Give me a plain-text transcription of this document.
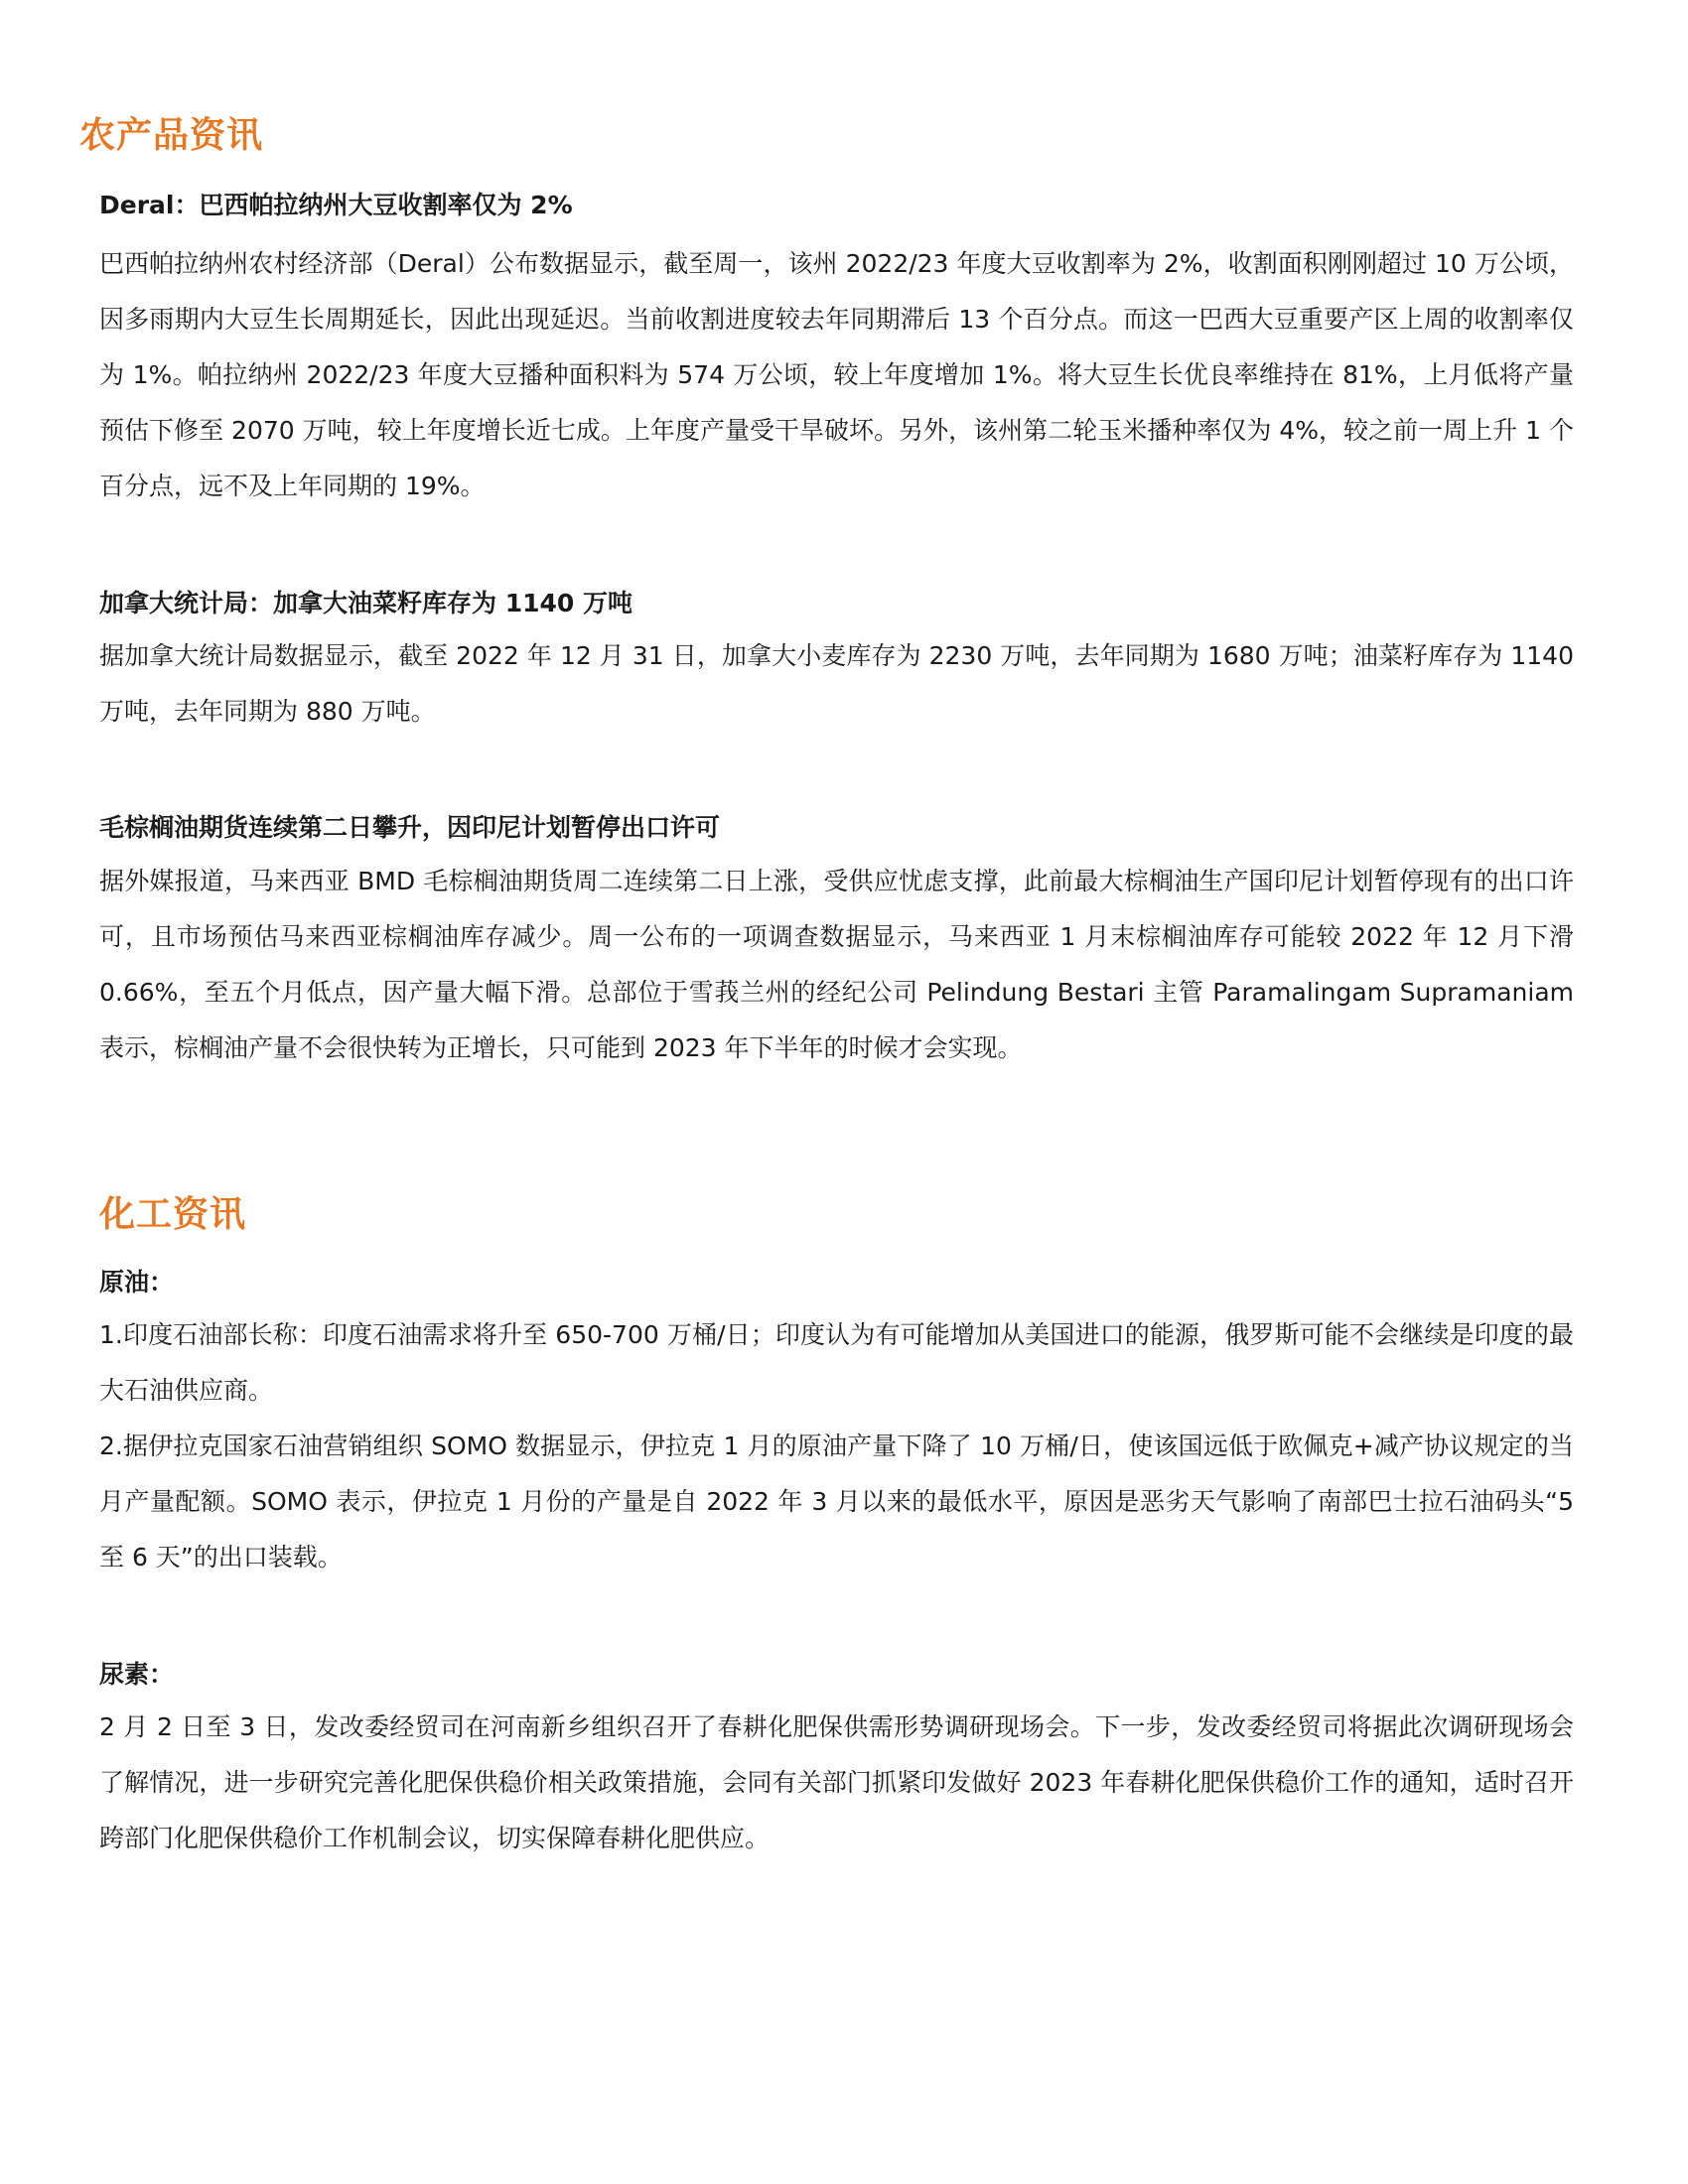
农产品资讯
Deral：巴西帕拉纳州大豆收割率仅为 2%

巴西帕拉纳州农村经济部（Deral）公布数据显示，截至周一，该州 2022/23 年度大豆收割率为 2%，收割面积刚刚超过 10 万公顷，因多雨期内大豆生长周期延长，因此出现延迟。当前收割进度较去年同期滞后 13 个百分点。而这一巴西大豆重要产区上周的收割率仅为 1%。帕拉纳州 2022/23 年度大豆播种面积料为 574 万公顷，较上年度增加 1%。将大豆生长优良率维持在 81%，上月低将产量预估下修至 2070 万吨，较上年度增长近七成。上年度产量受干旱破坏。另外，该州第二轮玉米播种率仅为 4%，较之前一周上升 1 个百分点，远不及上年同期的 19%。

加拿大统计局：加拿大油菜籽库存为 1140 万吨

据加拿大统计局数据显示，截至 2022 年 12 月 31 日，加拿大小麦库存为 2230 万吨，去年同期为 1680 万吨；油菜籽库存为 1140 万吨，去年同期为 880 万吨。

毛棕榈油期货连续第二日攀升，因印尼计划暂停出口许可

据外媒报道，马来西亚 BMD 毛棕榈油期货周二连续第二日上涨，受供应忧虑支撑，此前最大棕榈油生产国印尼计划暂停现有的出口许可，且市场预估马来西亚棕榈油库存减少。周一公布的一项调查数据显示，马来西亚 1 月末棕榈油库存可能较 2022 年 12 月下滑 0.66%，至五个月低点，因产量大幅下滑。总部位于雪莪兰州的经纪公司 Pelindung Bestari 主管 Paramalingam Supramaniam 表示，棕榈油产量不会很快转为正增长，只可能到 2023 年下半年的时候才会实现。

化工资讯
原油：

1.印度石油部长称：印度石油需求将升至 650-700 万桶/日；印度认为有可能增加从美国进口的能源，俄罗斯可能不会继续是印度的最大石油供应商。

2.据伊拉克国家石油营销组织 SOMO 数据显示，伊拉克 1 月的原油产量下降了 10 万桶/日，使该国远低于欧佩克+减产协议规定的当月产量配额。SOMO 表示，伊拉克 1 月份的产量是自 2022 年 3 月以来的最低水平，原因是恶劣天气影响了南部巴士拉石油码头“5 至 6 天”的出口装载。

尿素：

2 月 2 日至 3 日，发改委经贸司在河南新乡组织召开了春耕化肥保供需形势调研现场会。下一步，发改委经贸司将据此次调研现场会了解情况，进一步研究完善化肥保供稳价相关政策措施，会同有关部门抓紧印发做好 2023 年春耕化肥保供稳价工作的通知，适时召开跨部门化肥保供稳价工作机制会议，切实保障春耕化肥供应。
